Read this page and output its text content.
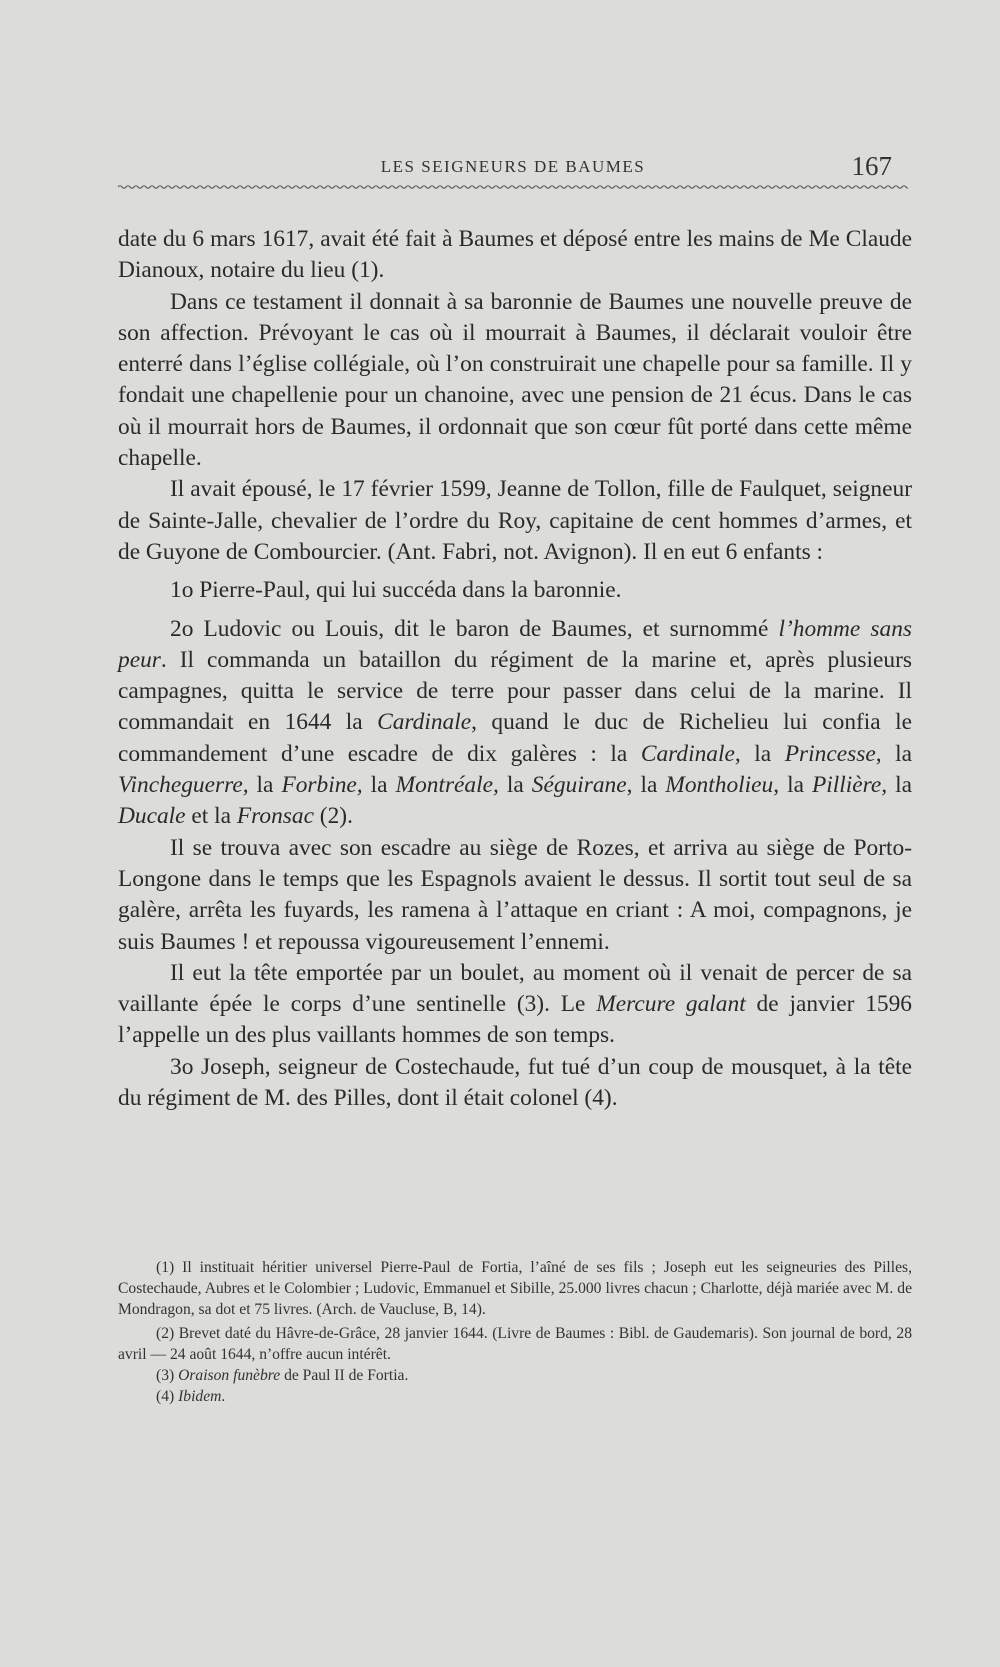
LES SEIGNEURS DE BAUMES	167

date du 6 mars 1617, avait été fait à Baumes et déposé entre les mains de Me Claude Dianoux, notaire du lieu (1).

Dans ce testament il donnait à sa baronnie de Baumes une nouvelle preuve de son affection. Prévoyant le cas où il mourrait à Baumes, il déclarait vouloir être enterré dans l’église collégiale, où l’on construirait une chapelle pour sa famille. Il y fondait une chapellenie pour un chanoine, avec une pension de 21 écus. Dans le cas où il mourrait hors de Baumes, il ordonnait que son cœur fût porté dans cette même chapelle.

Il avait épousé, le 17 février 1599, Jeanne de Tollon, fille de Faulquet, seigneur de Sainte-Jalle, chevalier de l’ordre du Roy, capitaine de cent hommes d’armes, et de Guyone de Combourcier. (Ant. Fabri, not. Avignon). Il en eut 6 enfants :

1o Pierre-Paul, qui lui succéda dans la baronnie.

2o Ludovic ou Louis, dit le baron de Baumes, et surnommé l’homme sans peur. Il commanda un bataillon du régiment de la marine et, après plusieurs campagnes, quitta le service de terre pour passer dans celui de la marine. Il commandait en 1644 la Cardinale, quand le duc de Richelieu lui confia le commandement d’une escadre de dix galères : la Cardinale, la Princesse, la Vincheguerre, la Forbine, la Montréale, la Séguirane, la Montholieu, la Pillière, la Ducale et la Fronsac (2).

Il se trouva avec son escadre au siège de Rozes, et arriva au siège de Porto-Longone dans le temps que les Espagnols avaient le dessus. Il sortit tout seul de sa galère, arrêta les fuyards, les ramena à l’attaque en criant : A moi, compagnons, je suis Baumes ! et repoussa vigoureusement l’ennemi.

Il eut la tête emportée par un boulet, au moment où il venait de percer de sa vaillante épée le corps d’une sentinelle (3). Le Mercure galant de janvier 1596 l’appelle un des plus vaillants hommes de son temps.

3o Joseph, seigneur de Costechaude, fut tué d’un coup de mousquet, à la tête du régiment de M. des Pilles, dont il était colonel (4).

(1) Il instituait héritier universel Pierre-Paul de Fortia, l’aîné de ses fils ; Joseph eut les seigneuries des Pilles, Costechaude, Aubres et le Colombier ; Ludovic, Emmanuel et Sibille, 25.000 livres chacun ; Charlotte, déjà mariée avec M. de Mondragon, sa dot et 75 livres. (Arch. de Vaucluse, B, 14).

(2) Brevet daté du Hâvre-de-Grâce, 28 janvier 1644. (Livre de Baumes : Bibl. de Gaudemaris). Son journal de bord, 28 avril — 24 août 1644, n’offre aucun intérêt.

(3) Oraison funèbre de Paul II de Fortia.

(4) Ibidem.
